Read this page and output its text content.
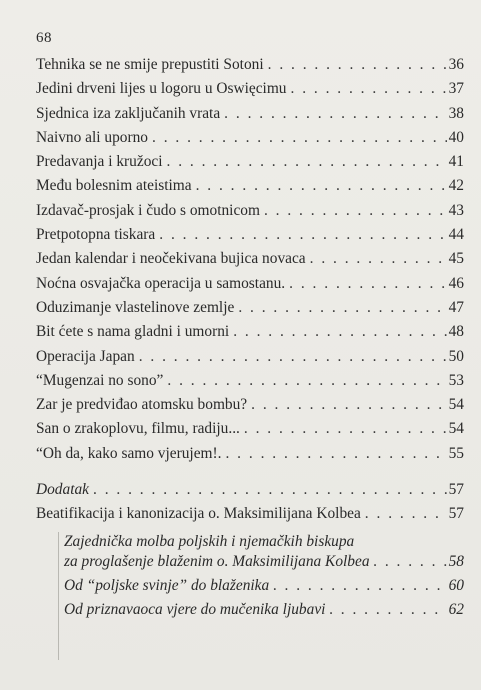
68
Tehnika se ne smije prepustiti Sotoni . . .	36
Jedini drveni lijes u logoru u Oswięcimu . . .	37
Sjednica iza zaključanih vrata . . .	38
Naivno ali uporno . . .	40
Predavanja i kružoci . . .	41
Među bolesnim ateistima . . .	42
Izdavač-prosjak i čudo s omotnicom . . .	43
Pretpotopna tiskara . . .	44
Jedan kalendar i neočekivana bujica novaca . . .	45
Noćna osvajačka operacija u samostanu. . . .	46
Oduzimanje vlastelinove zemlje . . .	47
Bit ćete s nama gladni i umorni . . .	48
Operacija Japan . . .	50
“Mugenzai no sono” . . .	53
Zar je predviđao atomsku bombu? . . .	54
San o zrakoplovu, filmu, radiju... . . .	54
“Oh da, kako samo vjerujem!. . . .	55
Dodatak . . .	57
Beatifikacija i kanonizacija o. Maksimilijana Kolbea . . .	57
Zajednička molba poljskih i njemačkih biskupa
za proglašenje blaženim o. Maksimilijana Kolbea . . .	58
Od “poljske svinje” do blaženika . . .	60
Od priznavaoca vjere do mučenika ljubavi . . .	62
